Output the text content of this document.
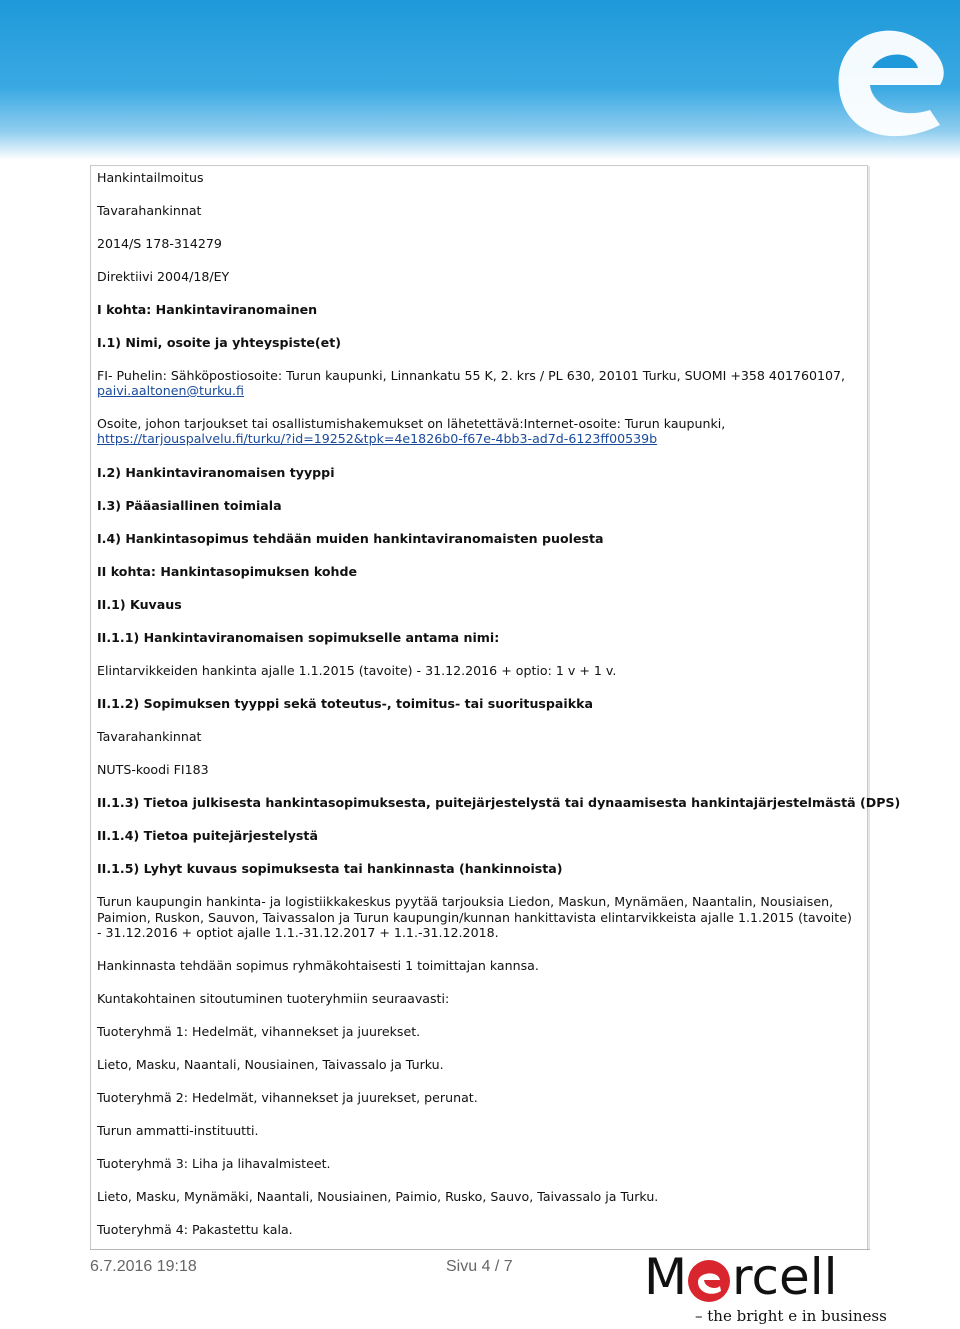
Hankintailmoitus
Tavarahankinnat
2014/S 178-314279
Direktiivi 2004/18/EY
I kohta: Hankintaviranomainen
I.1) Nimi, osoite ja yhteyspiste(et)
FI- Puhelin: Sähköpostiosoite: Turun kaupunki, Linnankatu 55 K, 2. krs / PL 630, 20101 Turku, SUOMI +358 401760107,
paivi.aaltonen@turku.fi
Osoite, johon tarjoukset tai osallistumishakemukset on lähetettävä:Internet-osoite: Turun kaupunki,
https://tarjouspalvelu.fi/turku/?id=19252&tpk=4e1826b0-f67e-4bb3-ad7d-6123ff00539b
I.2) Hankintaviranomaisen tyyppi
I.3) Pääasiallinen toimiala
I.4) Hankintasopimus tehdään muiden hankintaviranomaisten puolesta
II kohta: Hankintasopimuksen kohde
II.1) Kuvaus
II.1.1) Hankintaviranomaisen sopimukselle antama nimi:
Elintarvikkeiden hankinta ajalle 1.1.2015 (tavoite) - 31.12.2016 + optio: 1 v + 1 v.
II.1.2) Sopimuksen tyyppi sekä toteutus-, toimitus- tai suorituspaikka
Tavarahankinnat
NUTS-koodi FI183
II.1.3) Tietoa julkisesta hankintasopimuksesta, puitejärjestelystä tai dynaamisesta hankintajärjestelmästä (DPS)
II.1.4) Tietoa puitejärjestelystä
II.1.5) Lyhyt kuvaus sopimuksesta tai hankinnasta (hankinnoista)
Turun kaupungin hankinta- ja logistiikkakeskus pyytää tarjouksia Liedon, Maskun, Mynämäen, Naantalin, Nousiaisen, Paimion, Ruskon, Sauvon, Taivassalon ja Turun kaupungin/kunnan hankittavista elintarvikkeista ajalle 1.1.2015 (tavoite) - 31.12.2016 + optiot ajalle 1.1.-31.12.2017 + 1.1.-31.12.2018.
Hankinnasta tehdään sopimus ryhmäkohtaisesti 1 toimittajan kannsa.
Kuntakohtainen sitoutuminen tuoteryhmiin seuraavasti:
Tuoteryhmä 1: Hedelmät, vihannekset ja juurekset.
Lieto, Masku, Naantali, Nousiainen, Taivassalo ja Turku.
Tuoteryhmä 2: Hedelmät, vihannekset ja juurekset, perunat.
Turun ammatti-instituutti.
Tuoteryhmä 3: Liha ja lihavalmisteet.
Lieto, Masku, Mynämäki, Naantali, Nousiainen, Paimio, Rusko, Sauvo, Taivassalo ja Turku.
Tuoteryhmä 4: Pakastettu kala.
6.7.2016 19:18	Sivu 4 / 7	M rcell
– the bright e in business
